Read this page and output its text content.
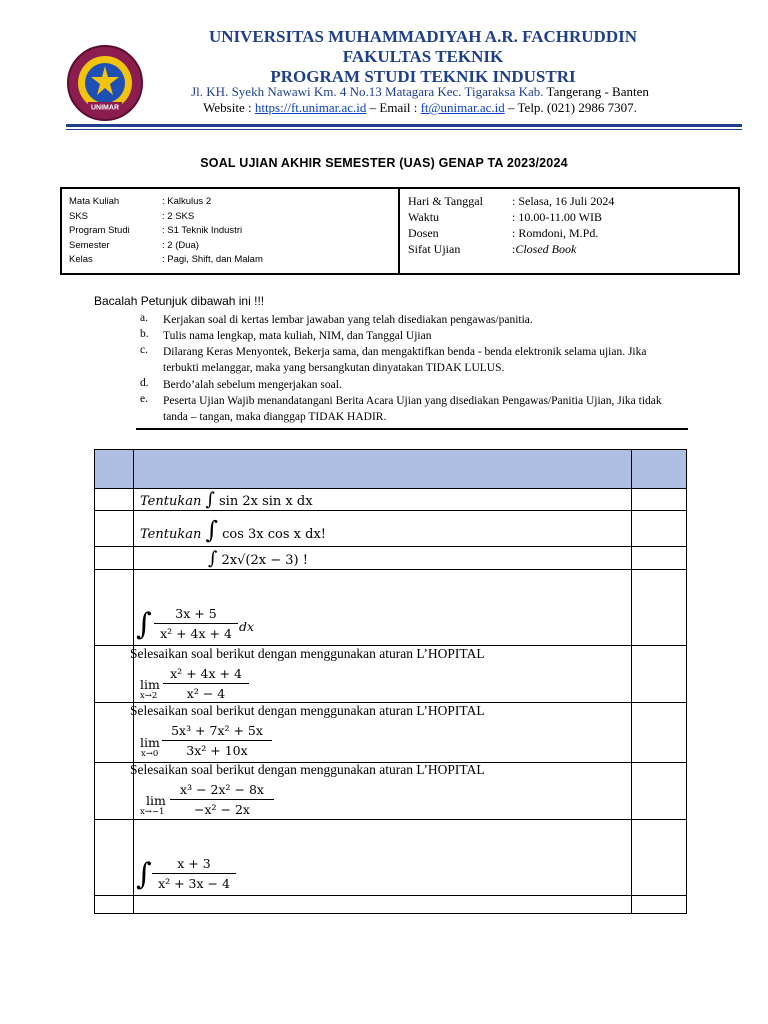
UNIMAR
UNIVERSITAS MUHAMMADIYAH A.R. FACHRUDDIN
FAKULTAS TEKNIK
PROGRAM STUDI TEKNIK INDUSTRI
Jl. KH. Syekh Nawawi Km. 4 No.13 Matagara Kec. Tigaraksa Kab. Tangerang - Banten
Website : https://ft.unimar.ac.id – Email : ft@unimar.ac.id – Telp. (021) 2986 7307.
SOAL UJIAN AKHIR SEMESTER (UAS) GENAP TA 2023/2024
Mata Kuliah	: Kalkulus 2
SKS	: 2 SKS
Program Studi	: S1 Teknik Industri
Semester	: 2 (Dua)
Kelas	: Pagi, Shift, dan Malam
Hari & Tanggal	: Selasa, 16 Juli 2024
Waktu	: 10.00-11.00 WIB
Dosen	: Romdoni, M.Pd.
Sifat Ujian	: Closed Book
Bacalah Petunjuk dibawah ini !!!
a.	Kerjakan soal di kertas lembar jawaban yang telah disediakan pengawas/panitia.
b.	Tulis nama lengkap, mata kuliah, NIM, dan Tanggal Ujian
c.	Dilarang Keras Menyontek, Bekerja sama, dan mengaktifkan benda - benda elektronik selama ujian. Jika terbukti melanggar, maka yang bersangkutan dinyatakan TIDAK LULUS.
d.	Berdo’alah sebelum mengerjakan soal.
e.	Peserta Ujian Wajib menandatangani Berita Acara Ujian yang disediakan Pengawas/Panitia Ujian, Jika tidak tanda – tangan, maka dianggap TIDAK HADIR.
Tentukan ∫ sin 2x sin x dx
Tentukan ∫ cos 3x cos x dx!
∫ 2x√(2x − 3) !
∫	3x + 5
x² + 4x + 4 dx
Selesaikan soal berikut dengan menggunakan aturan L’HOPITAL
lim
x→2
x² + 4x + 4
x² − 4
Selesaikan soal berikut dengan menggunakan aturan L’HOPITAL
lim
x→0
5x³ + 7x² + 5x
3x² + 10x
Selesaikan soal berikut dengan menggunakan aturan L’HOPITAL
lim
x→−1
x³ − 2x² − 8x
−x² − 2x
∫	x + 3
x² + 3x − 4
